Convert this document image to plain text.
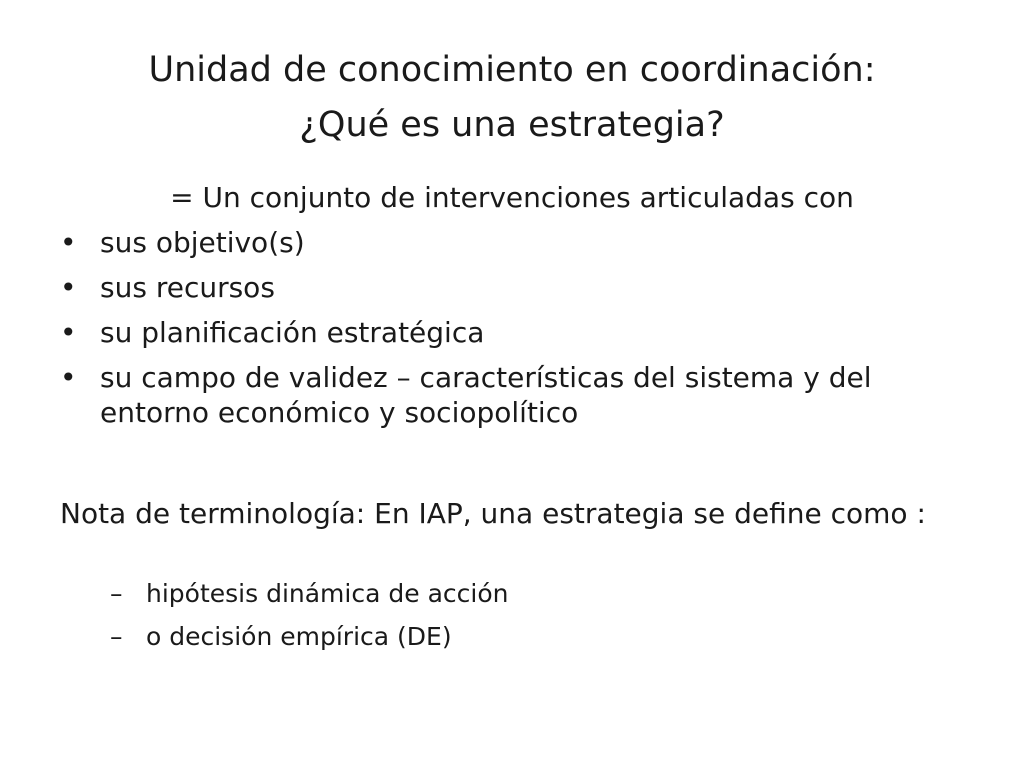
Unidad de conocimiento en coordinación:
¿Qué es una estrategia?
= Un conjunto de intervenciones articuladas con
• sus objetivo(s)
• sus recursos
• su planificación estratégica
• su campo de validez – características del sistema y del entorno económico y sociopolítico

Nota de terminología: En IAP, una estrategia se define como :

– hipótesis dinámica de acción
– o decisión empírica (DE)
